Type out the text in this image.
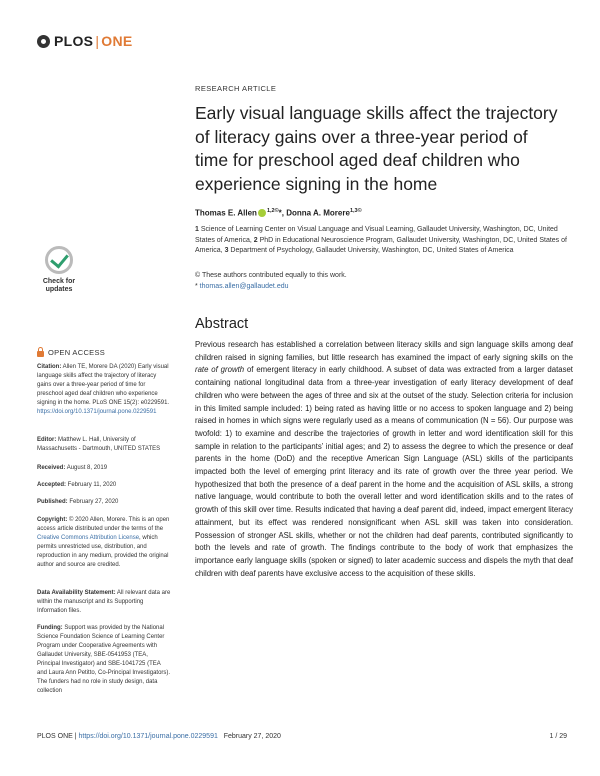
PLOS | ONE
Check for
updates
OPEN ACCESS
Citation: Allen TE, Morere DA (2020) Early visual language skills affect the trajectory of literacy gains over a three-year period of time for preschool aged deaf children who experience signing in the home. PLoS ONE 15(2): e0229591. https://doi.org/10.1371/journal.pone.0229591
Editor: Matthew L. Hall, University of Massachusetts - Dartmouth, UNITED STATES
Received: August 8, 2019
Accepted: February 11, 2020
Published: February 27, 2020
Copyright: © 2020 Allen, Morere. This is an open access article distributed under the terms of the Creative Commons Attribution License, which permits unrestricted use, distribution, and reproduction in any medium, provided the original author and source are credited.
Data Availability Statement: All relevant data are within the manuscript and its Supporting Information files.
Funding: Support was provided by the National Science Foundation Science of Learning Center Program under Cooperative Agreements with Gallaudet University, SBE-0541953 (TEA, Principal Investigator) and SBE-1041725 (TEA and Laura Ann Petitto, Co-Principal Investigators). The funders had no role in study design, data collection
RESEARCH ARTICLE
Early visual language skills affect the trajectory of literacy gains over a three-year period of time for preschool aged deaf children who experience signing in the home
Thomas E. Allen $^{1,2©}$*, Donna A. Morere$^{1,3©}$
1 Science of Learning Center on Visual Language and Visual Learning, Gallaudet University, Washington, DC, United States of America, 2 PhD in Educational Neuroscience Program, Gallaudet University, Washington, DC, United States of America, 3 Department of Psychology, Gallaudet University, Washington, DC, United States of America
© These authors contributed equally to this work.
* thomas.allen@gallaudet.edu
Abstract

Previous research has established a correlation between literacy skills and sign language skills among deaf children raised in signing families, but little research has examined the impact of early signing skills on the rate of growth of emergent literacy in early childhood. A subset of data was extracted from a larger dataset containing national longitudinal data from a three-year investigation of early literacy development of deaf children who were between the ages of three and six at the outset of the study. Selection criteria for inclusion in this limited sample included: 1) being rated as having little or no access to spoken language and 2) being raised in homes in which signs were regularly used as a means of communication (N = 56). Our purpose was twofold: 1) to examine and describe the trajectories of growth in letter and word identification skill for this sample in relation to the participants’ initial ages; and 2) to assess the degree to which the presence or deaf parents in the home (DoD) and the receptive American Sign Language (ASL) skills of the participants impacted both the level of emerging print literacy and its rate of growth over the three year period. We hypothesized that both the presence of a deaf parent in the home and the acquisition of ASL skills, a strong native language, would contribute to both the overall letter and word identification skills and to the rates of growth of this skill over time. Results indicated that having a deaf parent did, indeed, impact emergent literacy attainment, but its effect was rendered nonsignificant when ASL skill was taken into consideration. Possession of stronger ASL skills, whether or not the children had deaf parents, contributed significantly to both the levels and rate of growth. The findings contribute to the body of work that emphasizes the importance early language skills (spoken or signed) to later academic success and dispels the myth that deaf children with deaf parents have exclusive access to the acquisition of these skills.

PLOS ONE | https://doi.org/10.1371/journal.pone.0229591 February 27, 2020	1 / 29
